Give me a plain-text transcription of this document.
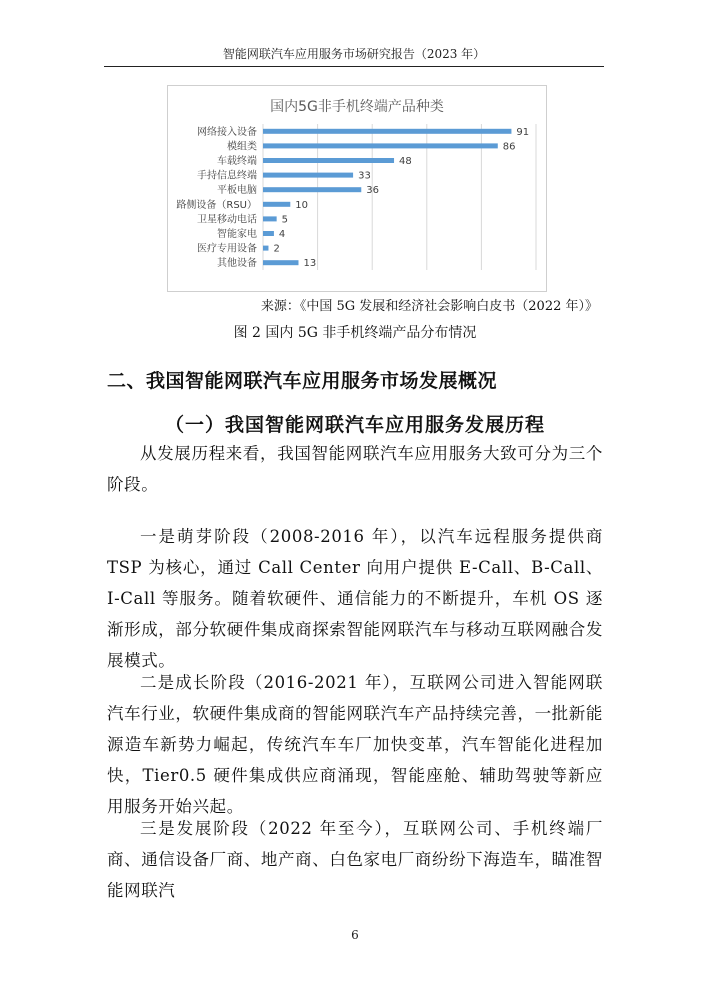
智能网联汽车应用服务市场研究报告（2023 年）
国内5G非手机终端产品种类
网络接入设备	91
模组类	86
车载终端	48
手持信息终端	33
平板电脑	36
路侧设备（RSU）	10
卫星移动电话 5
智能家电 4
医疗专用设备 2
其他设备	13
来源：《中国 5G 发展和经济社会影响白皮书（2022 年）》
图 2 国内 5G 非手机终端产品分布情况
二、我国智能网联汽车应用服务市场发展概况
（一）我国智能网联汽车应用服务发展历程

从发展历程来看，我国智能网联汽车应用服务大致可分为三个阶段。

一是萌芽阶段（2008-2016 年），以汽车远程服务提供商 TSP 为核心，通过 Call Center 向用户提供 E-Call、B-Call、I-Call 等服务。随着软硬件、通信能力的不断提升，车机 OS 逐渐形成，部分软硬件集成商探索智能网联汽车与移动互联网融合发展模式。

二是成长阶段（2016-2021 年），互联网公司进入智能网联汽车行业，软硬件集成商的智能网联汽车产品持续完善，一批新能源造车新势力崛起，传统汽车车厂加快变革，汽车智能化进程加快，Tier0.5 硬件集成供应商涌现，智能座舱、辅助驾驶等新应用服务开始兴起。

三是发展阶段（2022 年至今），互联网公司、手机终端厂商、通信设备厂商、地产商、白色家电厂商纷纷下海造车，瞄准智能网联汽

6
